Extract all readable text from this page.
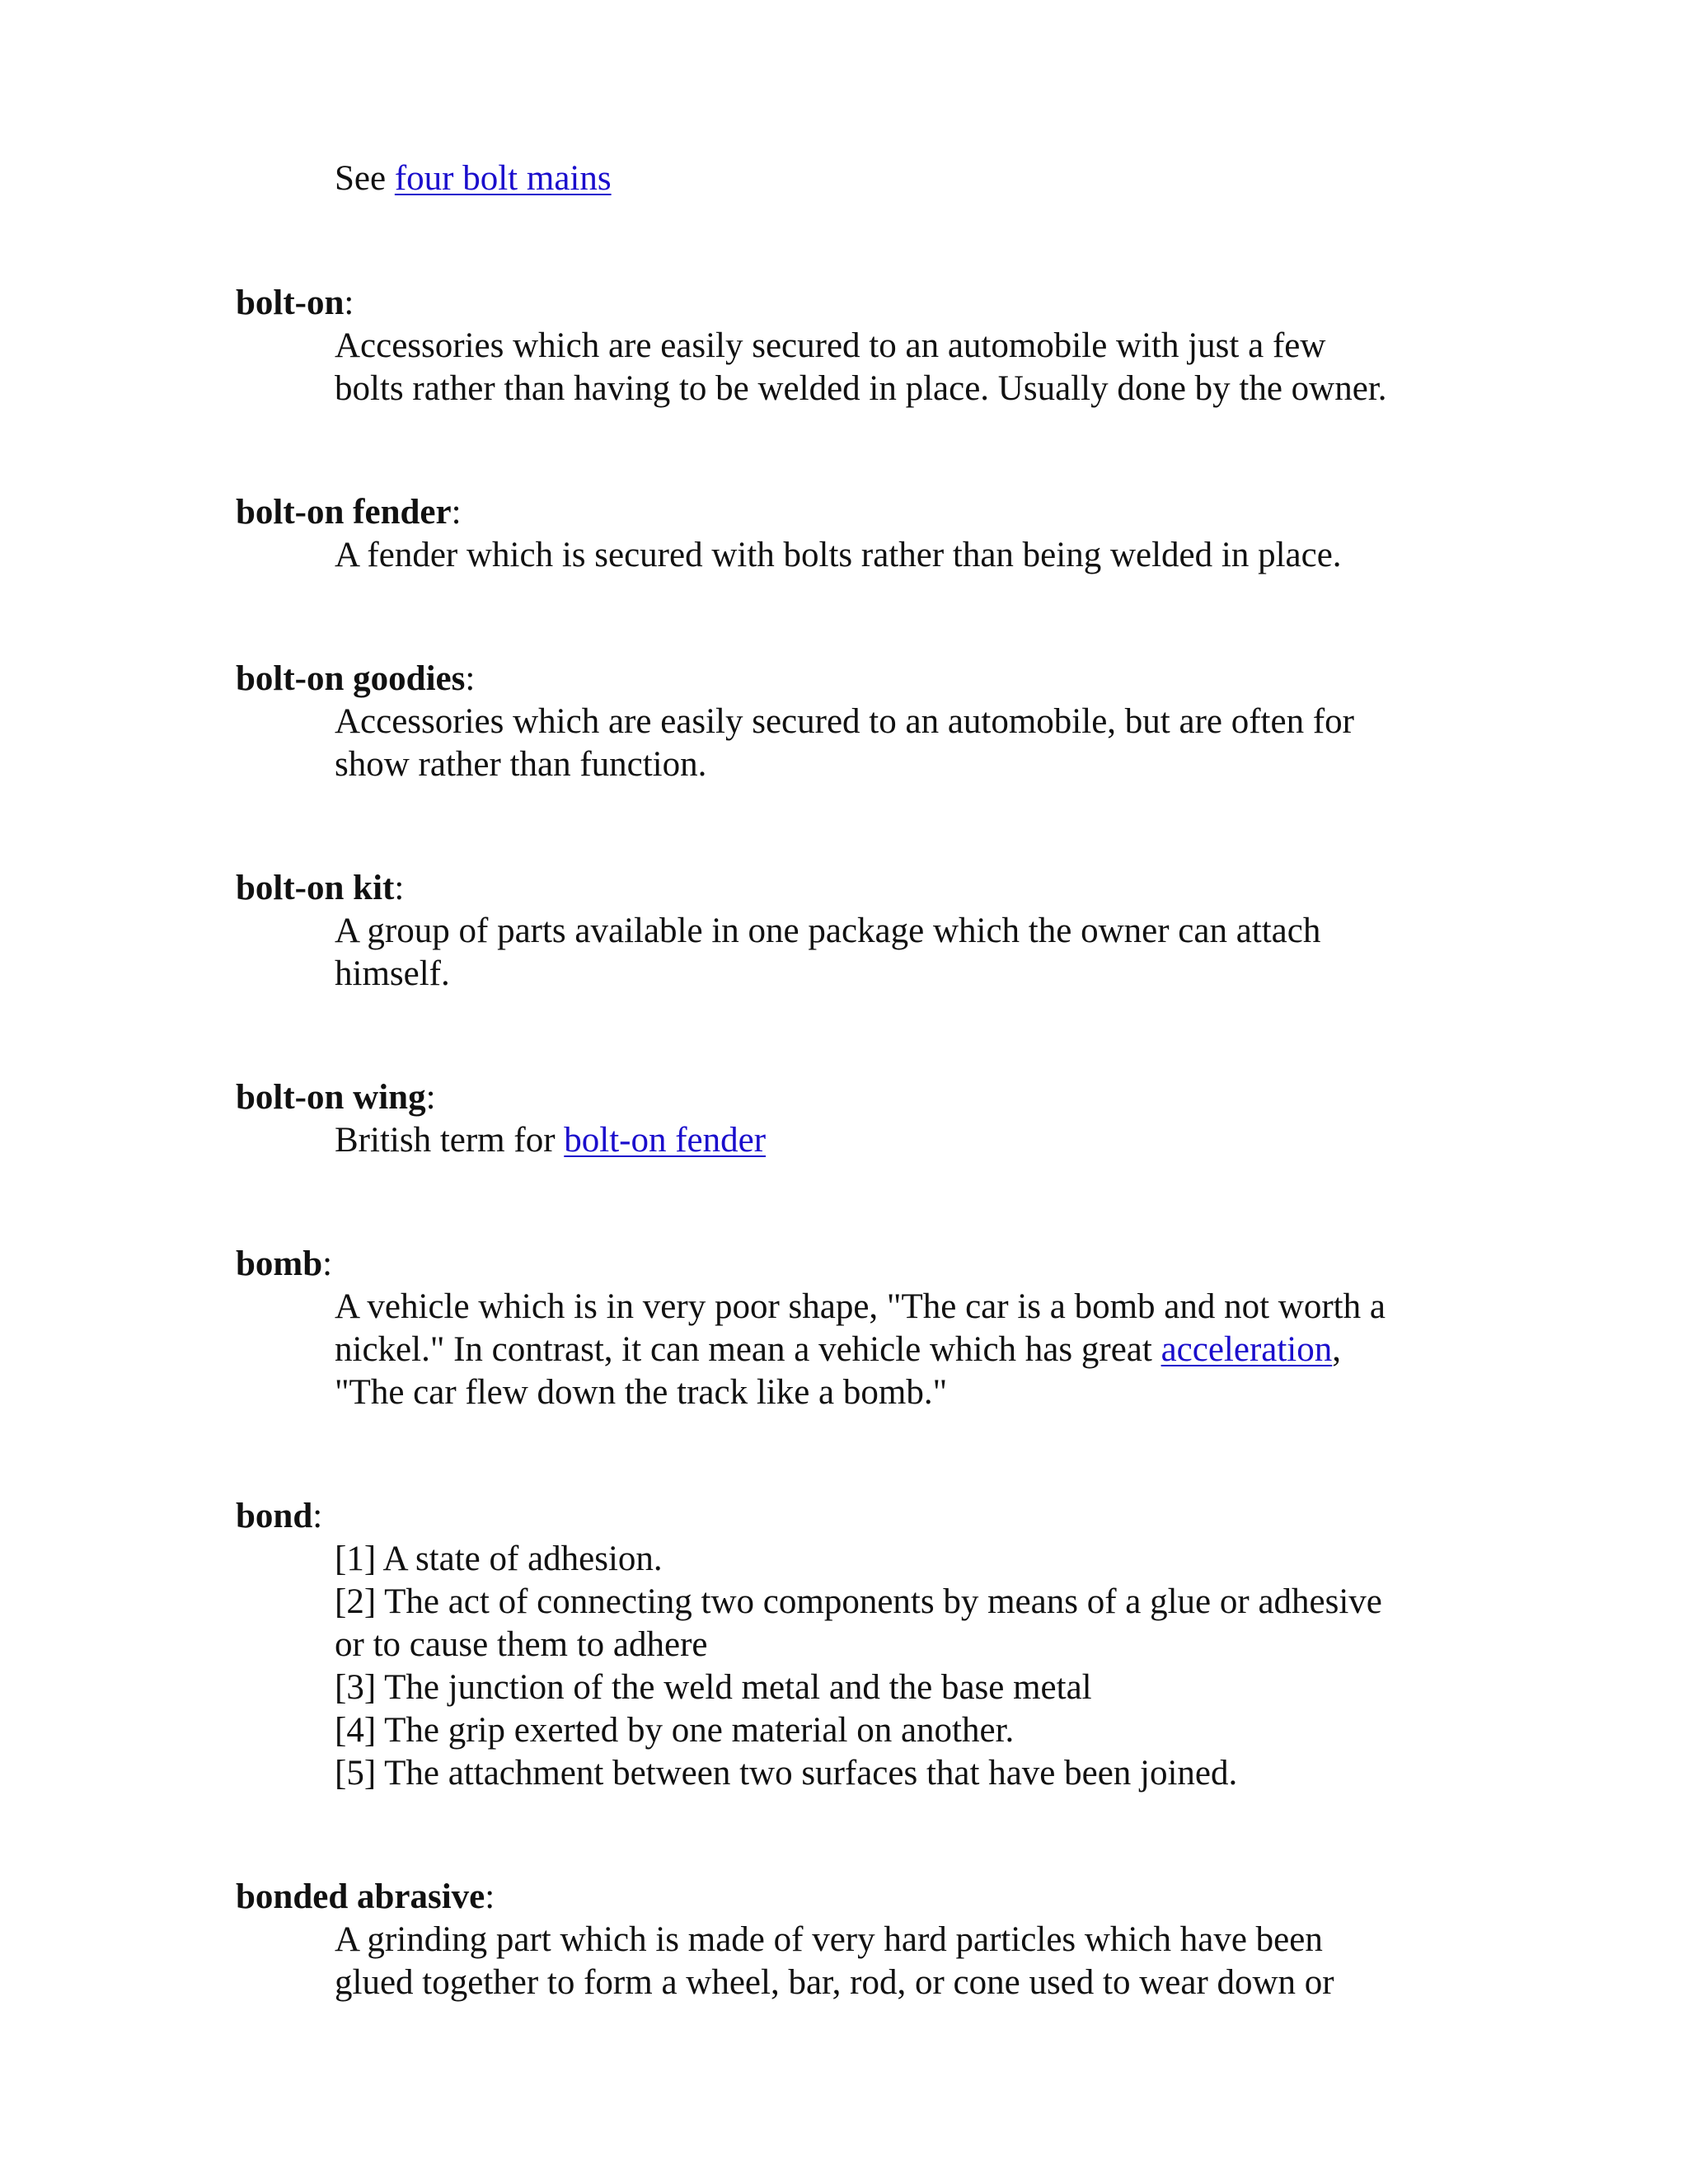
See four bolt mains
bolt-on:
Accessories which are easily secured to an automobile with just a few
bolts rather than having to be welded in place. Usually done by the owner.
bolt-on fender:
A fender which is secured with bolts rather than being welded in place.
bolt-on goodies:
Accessories which are easily secured to an automobile, but are often for
show rather than function.
bolt-on kit:
A group of parts available in one package which the owner can attach
himself.
bolt-on wing:
British term for bolt-on fender
bomb:
A vehicle which is in very poor shape, "The car is a bomb and not worth a
nickel." In contrast, it can mean a vehicle which has great acceleration,
"The car flew down the track like a bomb."
bond:
[1] A state of adhesion.
[2] The act of connecting two components by means of a glue or adhesive
or to cause them to adhere
[3] The junction of the weld metal and the base metal
[4] The grip exerted by one material on another.
[5] The attachment between two surfaces that have been joined.
bonded abrasive:
A grinding part which is made of very hard particles which have been
glued together to form a wheel, bar, rod, or cone used to wear down or
